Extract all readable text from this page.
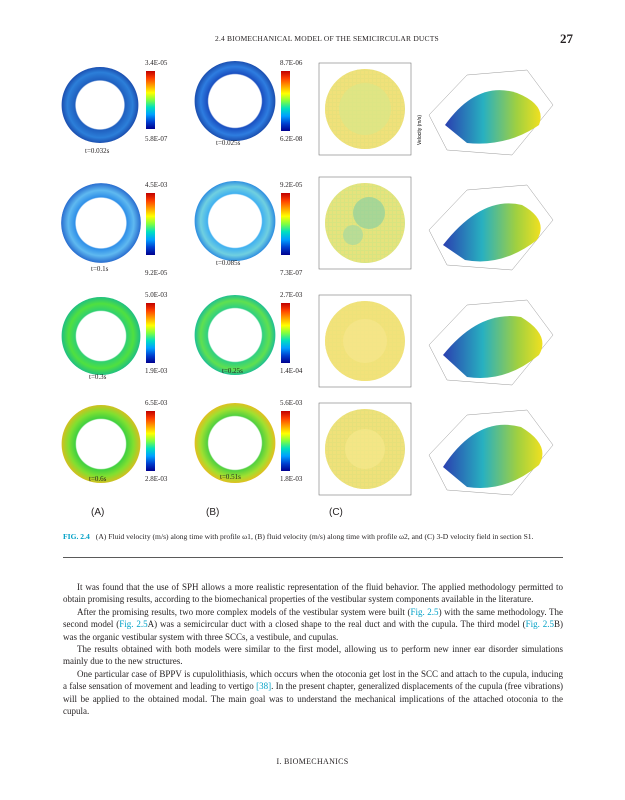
2.4 BIOMECHANICAL MODEL OF THE SEMICIRCULAR DUCTS	27
3.4E-05
5.8E-07
t=0.032s
4.5E-03
9.2E-05
t=0.1s
5.0E-03
1.9E-03
t=0.3s
6.5E-03
2.8E-03
t=0.6s
8.7E-06
6.2E-08
t=0.025s
9.2E-05
7.3E-07
t=0.085s
2.7E-03
1.4E-04
t=0.25s
5.6E-03
1.8E-03
t=0.51s
Velocity (m/s)
(A)	(B)	(C)
FIG. 2.4 (A) Fluid velocity (m/s) along time with profile ω1, (B) fluid velocity (m/s) along time with profile ω2, and (C) 3-D velocity field in section S1.

It was found that the use of SPH allows a more realistic representation of the fluid behavior. The applied methodology permitted to obtain promising results, according to the biomechanical properties of the vestibular system components available in the literature.

After the promising results, two more complex models of the vestibular system were built (Fig. 2.5) with the same methodology. The second model (Fig. 2.5A) was a semicircular duct with a closed shape to the real duct and with the cupula. The third model (Fig. 2.5B) was the organic vestibular system with three SCCs, a vestibule, and cupulas.

The results obtained with both models were similar to the first model, allowing us to perform new inner ear disorder simulations mainly due to the new structures.

One particular case of BPPV is cupulolithiasis, which occurs when the otoconia get lost in the SCC and attach to the cupula, inducing a false sensation of movement and leading to vertigo [38]. In the present chapter, generalized displacements of the cupula (free vibrations) will be applied to the obtained modal. The main goal was to understand the mechanical implications of the attached otoconia to the cupula.

I. BIOMECHANICS
